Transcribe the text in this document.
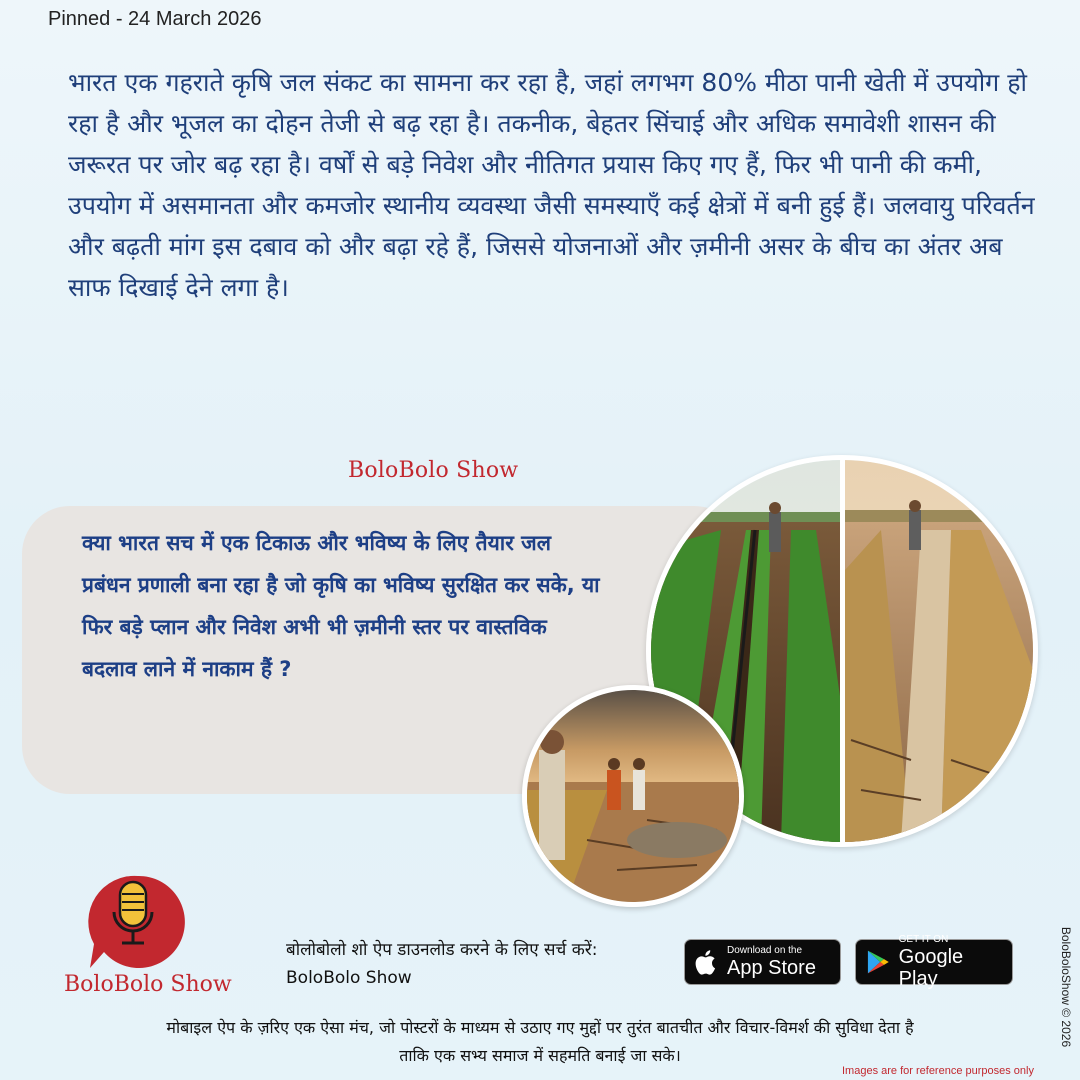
Pinned - 24 March 2026
भारत एक गहराते कृषि जल संकट का सामना कर रहा है, जहां लगभग 80% मीठा पानी खेती में उपयोग हो रहा है और भूजल का दोहन तेजी से बढ़ रहा है। तकनीक, बेहतर सिंचाई और अधिक समावेशी शासन की जरूरत पर जोर बढ़ रहा है। वर्षों से बड़े निवेश और नीतिगत प्रयास किए गए हैं, फिर भी पानी की कमी, उपयोग में असमानता और कमजोर स्थानीय व्यवस्था जैसी समस्याएँ कई क्षेत्रों में बनी हुई हैं। जलवायु परिवर्तन और बढ़ती मांग इस दबाव को और बढ़ा रहे हैं, जिससे योजनाओं और ज़मीनी असर के बीच का अंतर अब साफ दिखाई देने लगा है।
BoloBolo Show
क्या भारत सच में एक टिकाऊ और भविष्य के लिए तैयार जल प्रबंधन प्रणाली बना रहा है जो कृषि का भविष्य सुरक्षित कर सके, या फिर बड़े प्लान और निवेश अभी भी ज़मीनी स्तर पर वास्तविक बदलाव लाने में नाकाम हैं ?
BoloBolo Show
बोलोबोलो शो ऐप डाउनलोड करने के लिए सर्च करें:
BoloBolo Show
Download on the
App Store
GET IT ON
Google Play
मोबाइल ऐप के ज़रिए एक ऐसा मंच, जो पोस्टरों के माध्यम से उठाए गए मुद्दों पर तुरंत बातचीत और विचार-विमर्श की सुविधा देता है
ताकि एक सभ्य समाज में सहमति बनाई जा सके।
Images are for reference purposes only
BoloBoloShow © 2026
